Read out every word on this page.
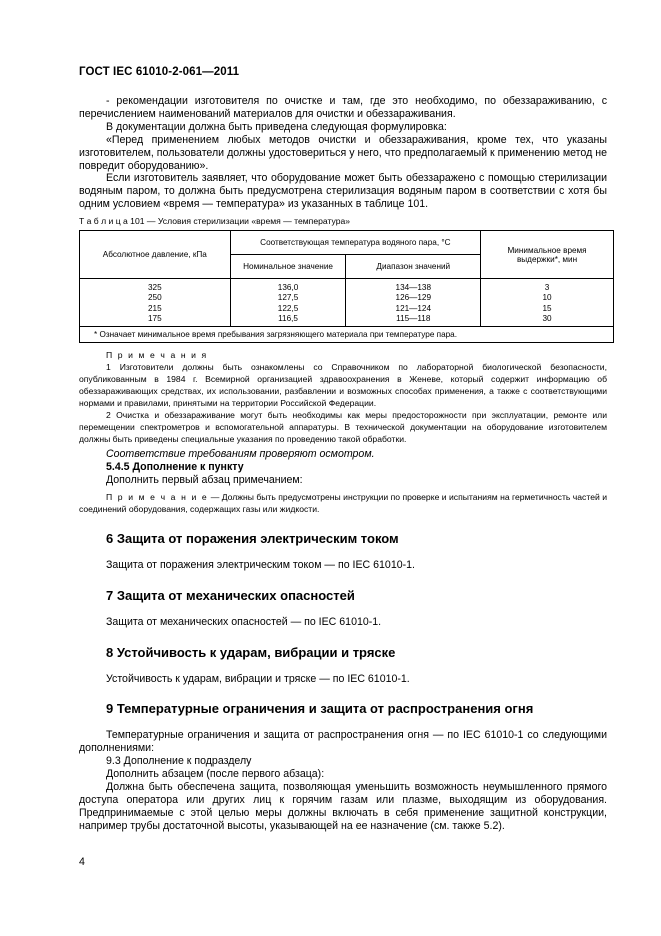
ГОСТ IEC 61010-2-061—2011

- рекомендации изготовителя по очистке и там, где это необходимо, по обеззараживанию, с перечислением наименований материалов для очистки и обеззараживания.

В документации должна быть приведена следующая формулировка:

«Перед применением любых методов очистки и обеззараживания, кроме тех, что указаны изготовителем, пользователи должны удостовериться у него, что предполагаемый к применению метод не повредит оборудованию».

Если изготовитель заявляет, что оборудование может быть обеззаражено с помощью стерилизации водяным паром, то должна быть предусмотрена стерилизация водяным паром в соответствии с хотя бы одним условием «время — температура» из указанных в таблице 101.

Т а б л и ц а 101 — Условия стерилизации «время — температура»

Абсолютное давление, кПа	Соответствующая температура водяного пара, °С		Минимальное время выдержки*, мин
	Номинальное значение	Диапазон значений	
325	136,0	134—138	3
250	127,5	126—129	10
215	122,5	121—124	15
175	116,5	115—118	30
* Означает минимальное время пребывания загрязняющего материала при температуре пара.			

П р и м е ч а н и я

1 Изготовители должны быть ознакомлены со Справочником по лабораторной биологической безопасности, опубликованным в 1984 г. Всемирной организацией здравоохранения в Женеве, который содержит информацию об обеззараживающих средствах, их использовании, разбавлении и возможных способах применения, а также с соответствующими нормами и правилами, принятыми на территории Российской Федерации.

2 Очистка и обеззараживание могут быть необходимы как меры предосторожности при эксплуатации, ремонте или перемещении спектрометров и вспомогательной аппаратуры. В технической документации на оборудование изготовителем должны быть приведены специальные указания по проведению такой обработки.

Соответствие требованиям проверяют осмотром.

5.4.5 Дополнение к пункту

Дополнить первый абзац примечанием:

П р и м е ч а н и е — Должны быть предусмотрены инструкции по проверке и испытаниям на герметичность частей и соединений оборудования, содержащих газы или жидкости.

6 Защита от поражения электрическим током

Защита от поражения электрическим током — по IEC 61010-1.

7 Защита от механических опасностей

Защита от механических опасностей — по IEC 61010-1.

8 Устойчивость к ударам, вибрации и тряске

Устойчивость к ударам, вибрации и тряске — по IEC 61010-1.

9 Температурные ограничения и защита от распространения огня

Температурные ограничения и защита от распространения огня — по IEC 61010-1 со следующими дополнениями:

9.3 Дополнение к подразделу

Дополнить абзацем (после первого абзаца):

Должна быть обеспечена защита, позволяющая уменьшить возможность неумышленного прямого доступа оператора или других лиц к горячим газам или плазме, выходящим из оборудования. Предпринимаемые с этой целью меры должны включать в себя применение защитной конструкции, например трубы достаточной высоты, указывающей на ее назначение (см. также 5.2).

4
